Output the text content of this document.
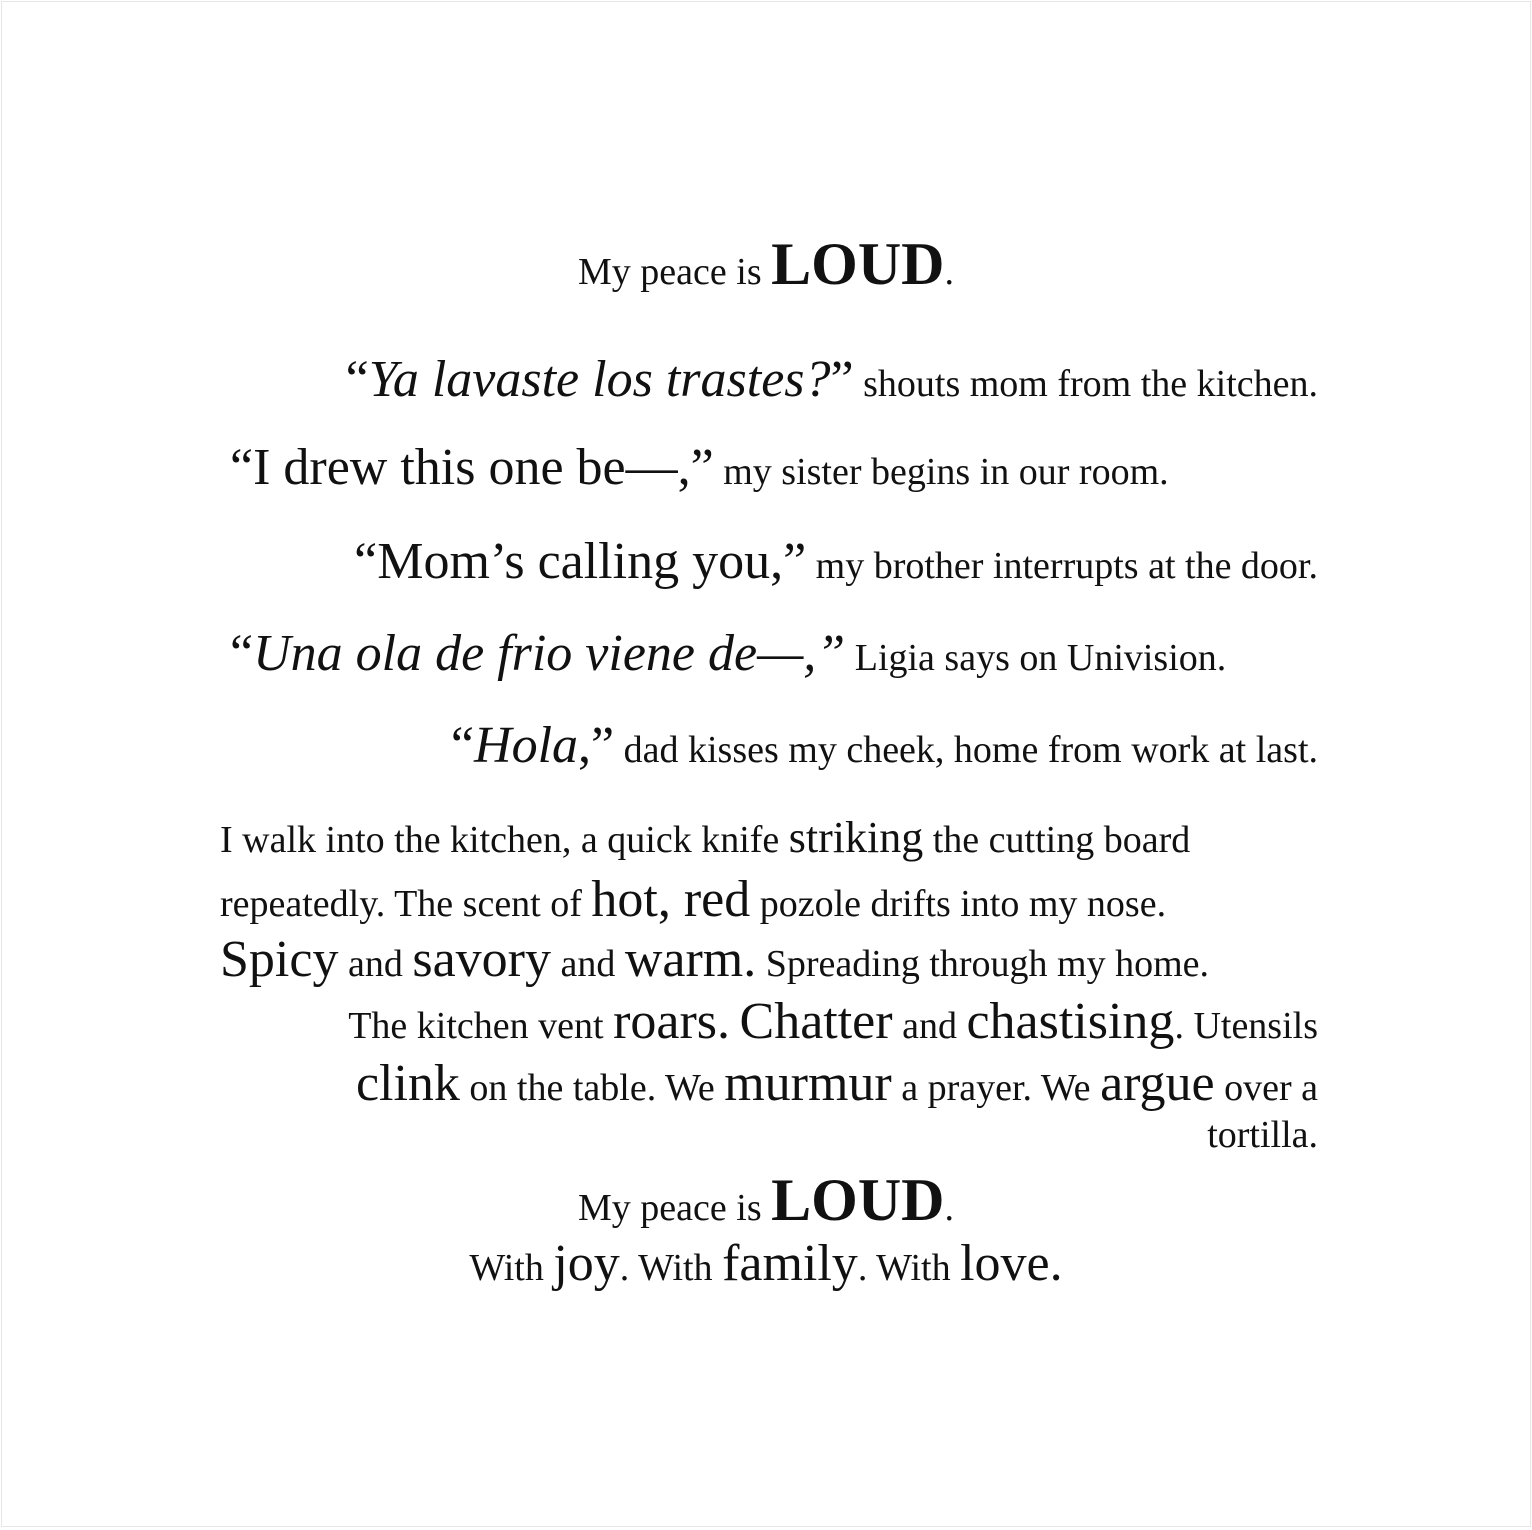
My peace is LOUD.
“Ya lavaste los trastes?” shouts mom from the kitchen.
“I drew this one be—,” my sister begins in our room.
“Mom’s calling you,” my brother interrupts at the door.
“Una ola de frio viene de—,” Ligia says on Univision.
“Hola,” dad kisses my cheek, home from work at last.
I walk into the kitchen, a quick knife striking the cutting board
repeatedly. The scent of hot, red pozole drifts into my nose.
Spicy and savory and warm. Spreading through my home.
The kitchen vent roars. Chatter and chastising. Utensils
clink on the table. We murmur a prayer. We argue over a
tortilla.
My peace is LOUD.
With joy. With family. With love.
